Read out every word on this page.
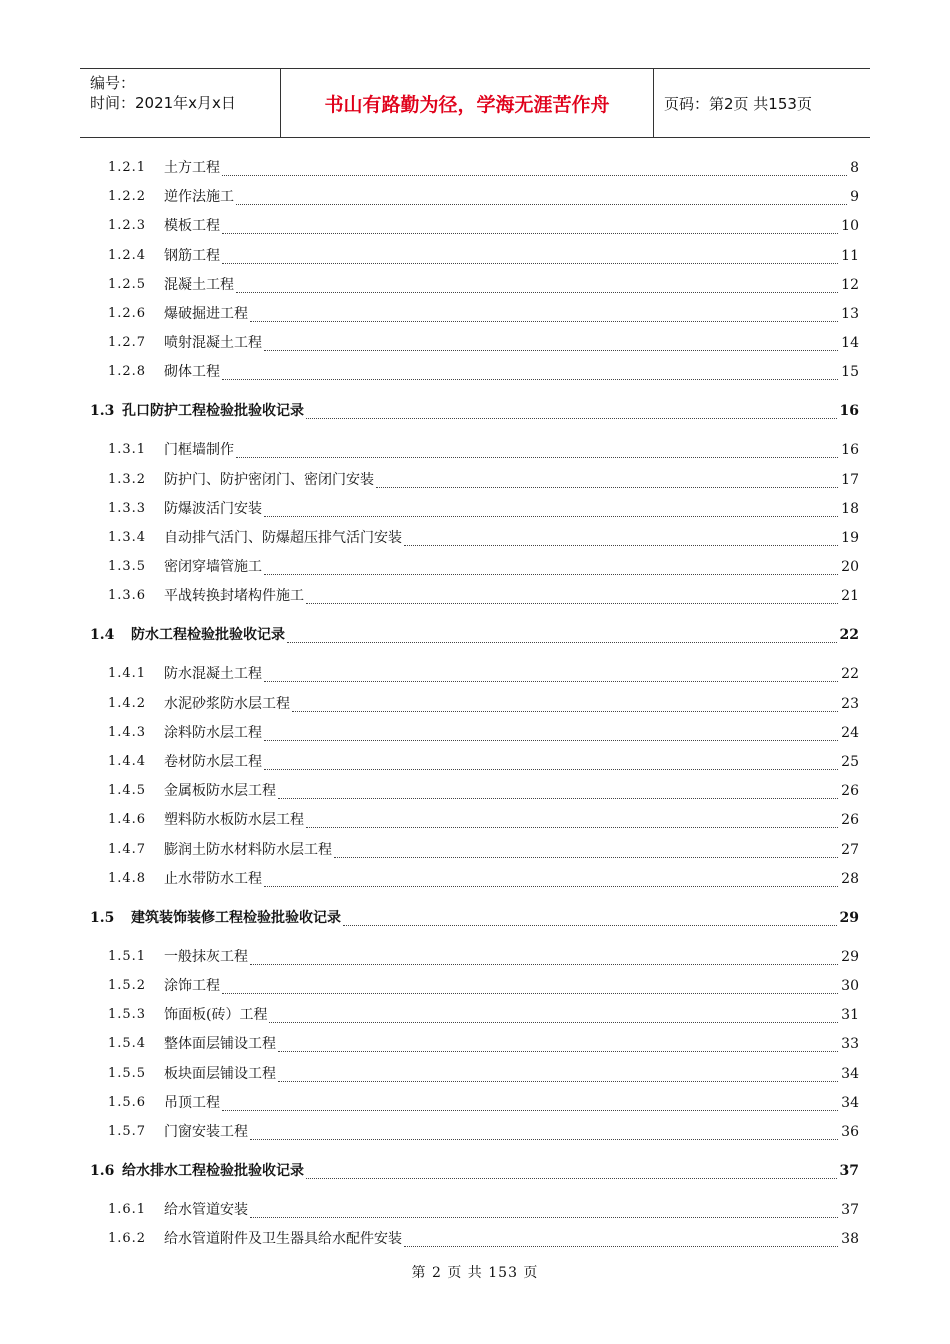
编号：
时间：2021年x月x日	书山有路勤为径，学海无涯苦作舟	页码：第2页 共153页
1.2.1 土方工程	8
1.2.2 逆作法施工	9
1.2.3 模板工程	10
1.2.4 钢筋工程	11
1.2.5 混凝土工程	12
1.2.6 爆破掘进工程	13
1.2.7 喷射混凝土工程	14
1.2.8 砌体工程	15
1.3 孔口防护工程检验批验收记录	16
1.3.1 门框墙制作	16
1.3.2 防护门、防护密闭门、密闭门安装	17
1.3.3 防爆波活门安装	18
1.3.4 自动排气活门、防爆超压排气活门安装	19
1.3.5 密闭穿墙管施工	20
1.3.6 平战转换封堵构件施工	21
1.4 防水工程检验批验收记录	22
1.4.1 防水混凝土工程	22
1.4.2 水泥砂浆防水层工程	23
1.4.3 涂料防水层工程	24
1.4.4 卷材防水层工程	25
1.4.5 金属板防水层工程	26
1.4.6 塑料防水板防水层工程	26
1.4.7 膨润土防水材料防水层工程	27
1.4.8 止水带防水工程	28
1.5 建筑装饰装修工程检验批验收记录	29
1.5.1 一般抹灰工程	29
1.5.2 涂饰工程	30
1.5.3 饰面板(砖）工程	31
1.5.4 整体面层铺设工程	33
1.5.5 板块面层铺设工程	34
1.5.6 吊顶工程	34
1.5.7 门窗安装工程	36
1.6 给水排水工程检验批验收记录	37
1.6.1 给水管道安装	37
1.6.2 给水管道附件及卫生器具给水配件安装	38
第 2 页 共 153 页
